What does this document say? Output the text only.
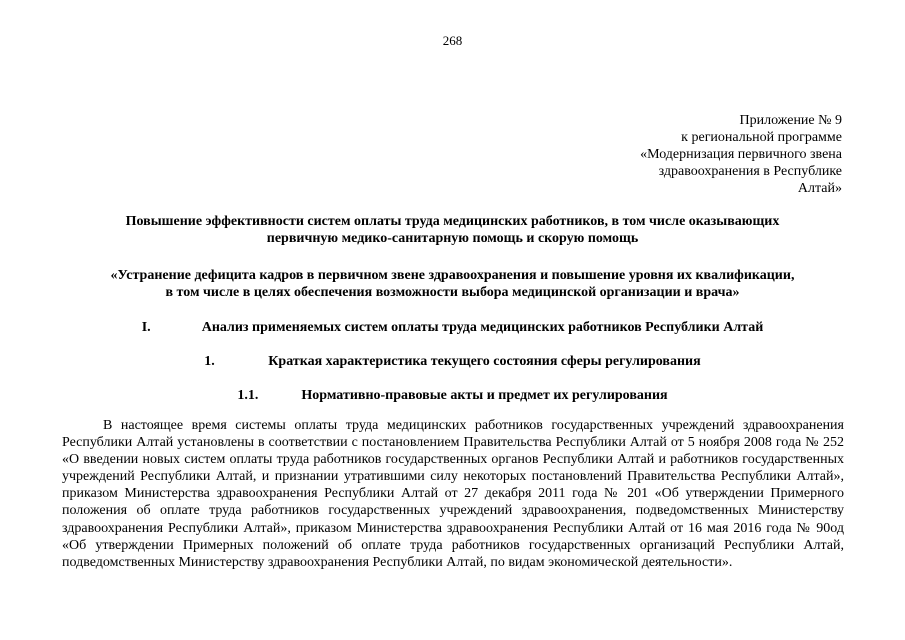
268
Приложение № 9
к региональной программе
«Модернизация первичного звена
здравоохранения в Республике
Алтай»
Повышение эффективности систем оплаты труда медицинских работников, в том числе оказывающих
первичную медико-санитарную помощь и скорую помощь
«Устранение дефицита кадров в первичном звене здравоохранения и повышение уровня их квалификации,
в том числе в целях обеспечения возможности выбора медицинской организации и врача»
I.	Анализ применяемых систем оплаты труда медицинских работников Республики Алтай
1.	Краткая характеристика текущего состояния сферы регулирования
1.1.	Нормативно-правовые акты и предмет их регулирования

В настоящее время системы оплаты труда медицинских работников государственных учреждений здравоохранения Республики Алтай установлены в соответствии с постановлением Правительства Республики Алтай от 5 ноября 2008 года № 252 «О введении новых систем оплаты труда работников государственных органов Республики Алтай и работников государственных учреждений Республики Алтай, и признании утратившими силу некоторых постановлений Правительства Республики Алтай», приказом Министерства здравоохранения Республики Алтай от 27 декабря 2011 года № 201 «Об утверждении Примерного положения об оплате труда работников государственных учреждений здравоохранения, подведомственных Министерству здравоохранения Республики Алтай», приказом Министерства здравоохранения Республики Алтай от 16 мая 2016 года № 90од «Об утверждении Примерных положений об оплате труда работников государственных организаций Республики Алтай, подведомственных Министерству здравоохранения Республики Алтай, по видам экономической деятельности».
